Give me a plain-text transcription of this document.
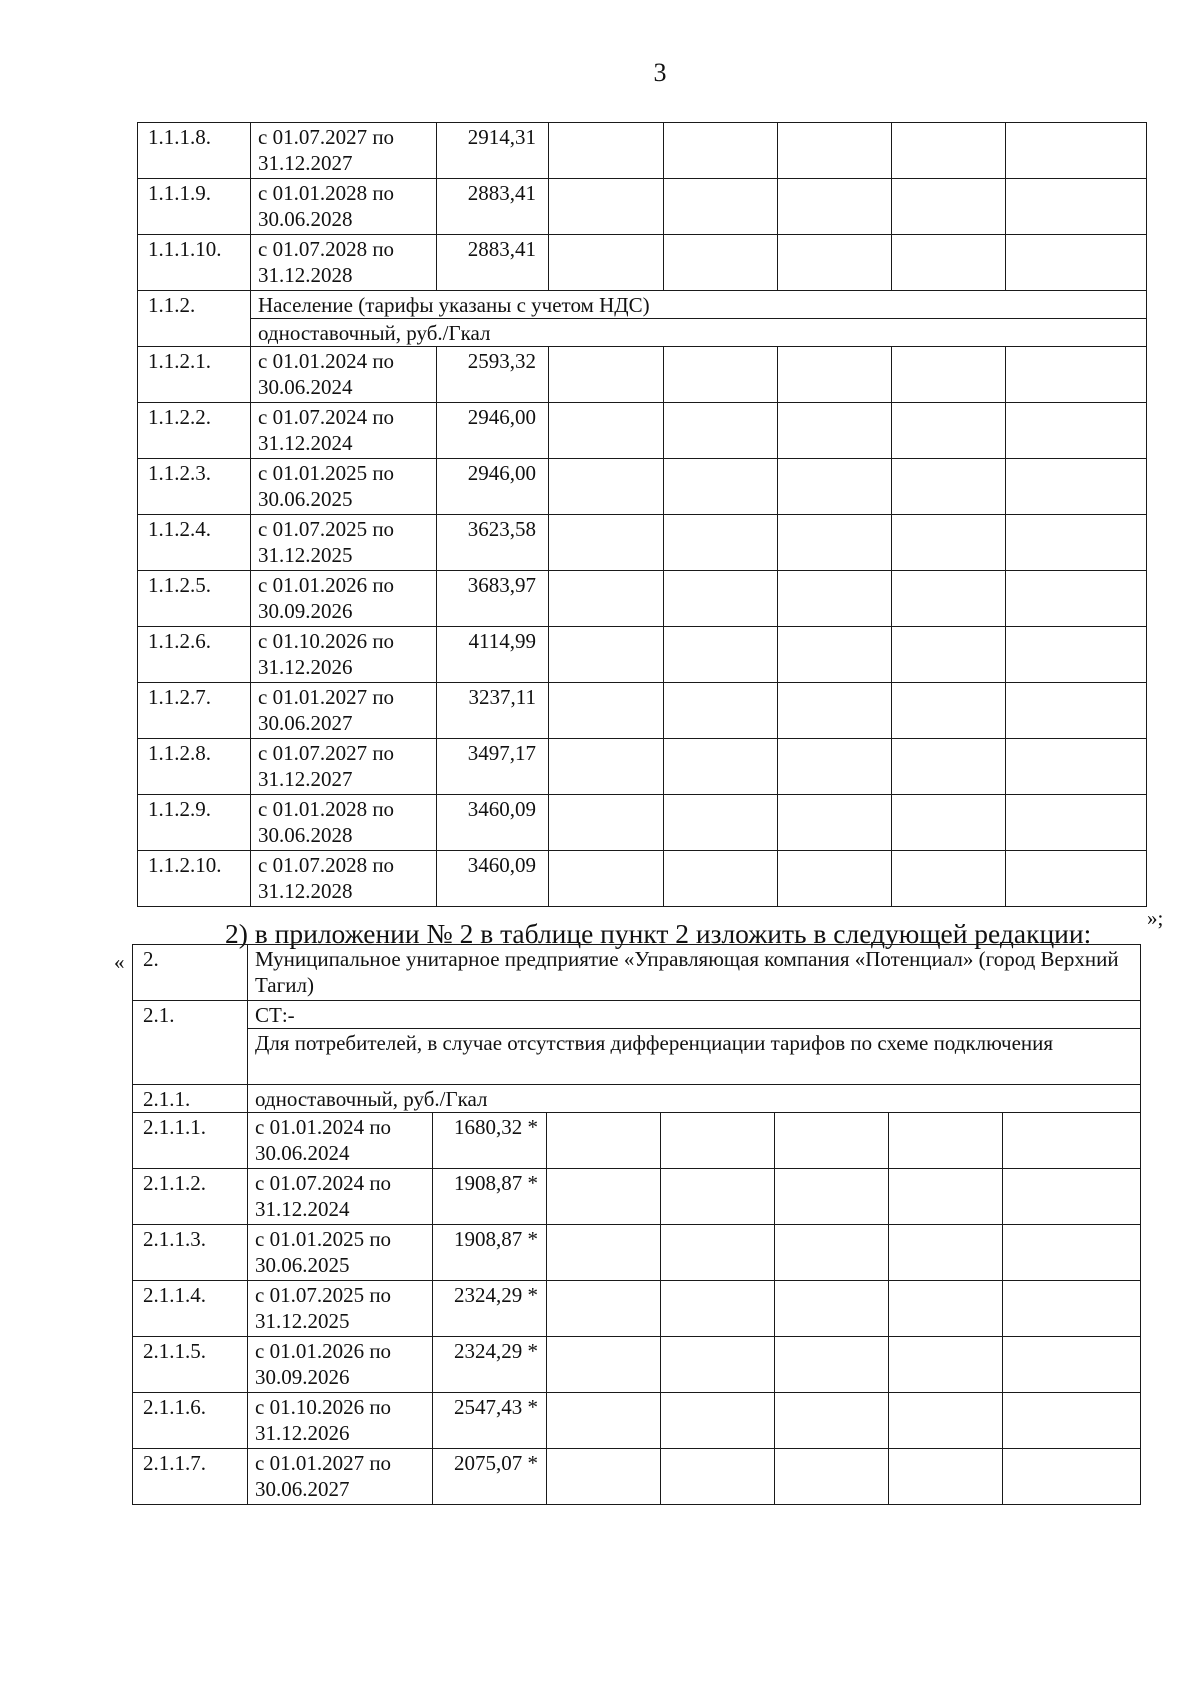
3
1.1.1.8.	с 01.07.2027 по 31.12.2027	2914,31					
1.1.1.9.	с 01.01.2028 по 30.06.2028	2883,41					
1.1.1.10.	с 01.07.2028 по 31.12.2028	2883,41					
1.1.2.	Население (тарифы указаны с учетом НДС)						
	одноставочный, руб./Гкал						
1.1.2.1.	с 01.01.2024 по 30.06.2024	2593,32					
1.1.2.2.	с 01.07.2024 по 31.12.2024	2946,00					
1.1.2.3.	с 01.01.2025 по 30.06.2025	2946,00					
1.1.2.4.	с 01.07.2025 по 31.12.2025	3623,58					
1.1.2.5.	с 01.01.2026 по 30.09.2026	3683,97					
1.1.2.6.	с 01.10.2026 по 31.12.2026	4114,99					
1.1.2.7.	с 01.01.2027 по 30.06.2027	3237,11					
1.1.2.8.	с 01.07.2027 по 31.12.2027	3497,17					
1.1.2.9.	с 01.01.2028 по 30.06.2028	3460,09					
1.1.2.10.	с 01.07.2028 по 31.12.2028	3460,09					
»;
2) в приложении № 2 в таблице пункт 2 изложить в следующей редакции:
« 2.	Муниципальное унитарное предприятие «Управляющая компания «Потенциал» (город Верхний Тагил)						
2.1.	СТ:-						
	Для потребителей, в случае отсутствия дифференциации тарифов по схеме подключения						
2.1.1.	одноставочный, руб./Гкал						
2.1.1.1.	с 01.01.2024 по 30.06.2024	1680,32 *					
2.1.1.2.	с 01.07.2024 по 31.12.2024	1908,87 *					
2.1.1.3.	с 01.01.2025 по 30.06.2025	1908,87 *					
2.1.1.4.	с 01.07.2025 по 31.12.2025	2324,29 *					
2.1.1.5.	с 01.01.2026 по 30.09.2026	2324,29 *					
2.1.1.6.	с 01.10.2026 по 31.12.2026	2547,43 *					
2.1.1.7.	с 01.01.2027 по 30.06.2027	2075,07 *					
